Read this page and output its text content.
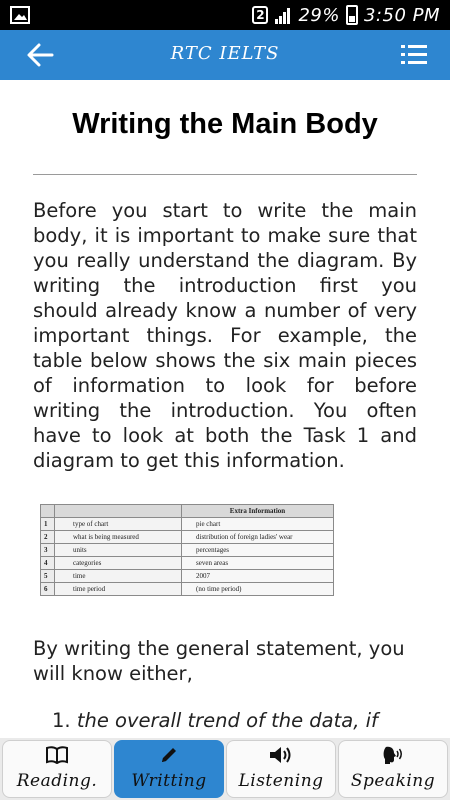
2 29% 3:50 PM
RTC IELTS
Writing the Main Body

Before you start to write the main body, it is important to make sure that you really understand the diagram. By writing the introduction first you should already know a number of very important things. For example, the table below shows the six main pieces of information to look for before writing the introduction. You often have to look at both the Task 1 and diagram to get this information.

		Extra Information
1	type of chart	pie chart
2	what is being measured	distribution of foreign ladies' wear
3	units	percentages
4	categories	seven areas
5	time	2007
6	time period	(no time period)

By writing the general statement, you will know either,

1. the overall trend of the data, if
Reading.	Writting	Listening	Speaking
